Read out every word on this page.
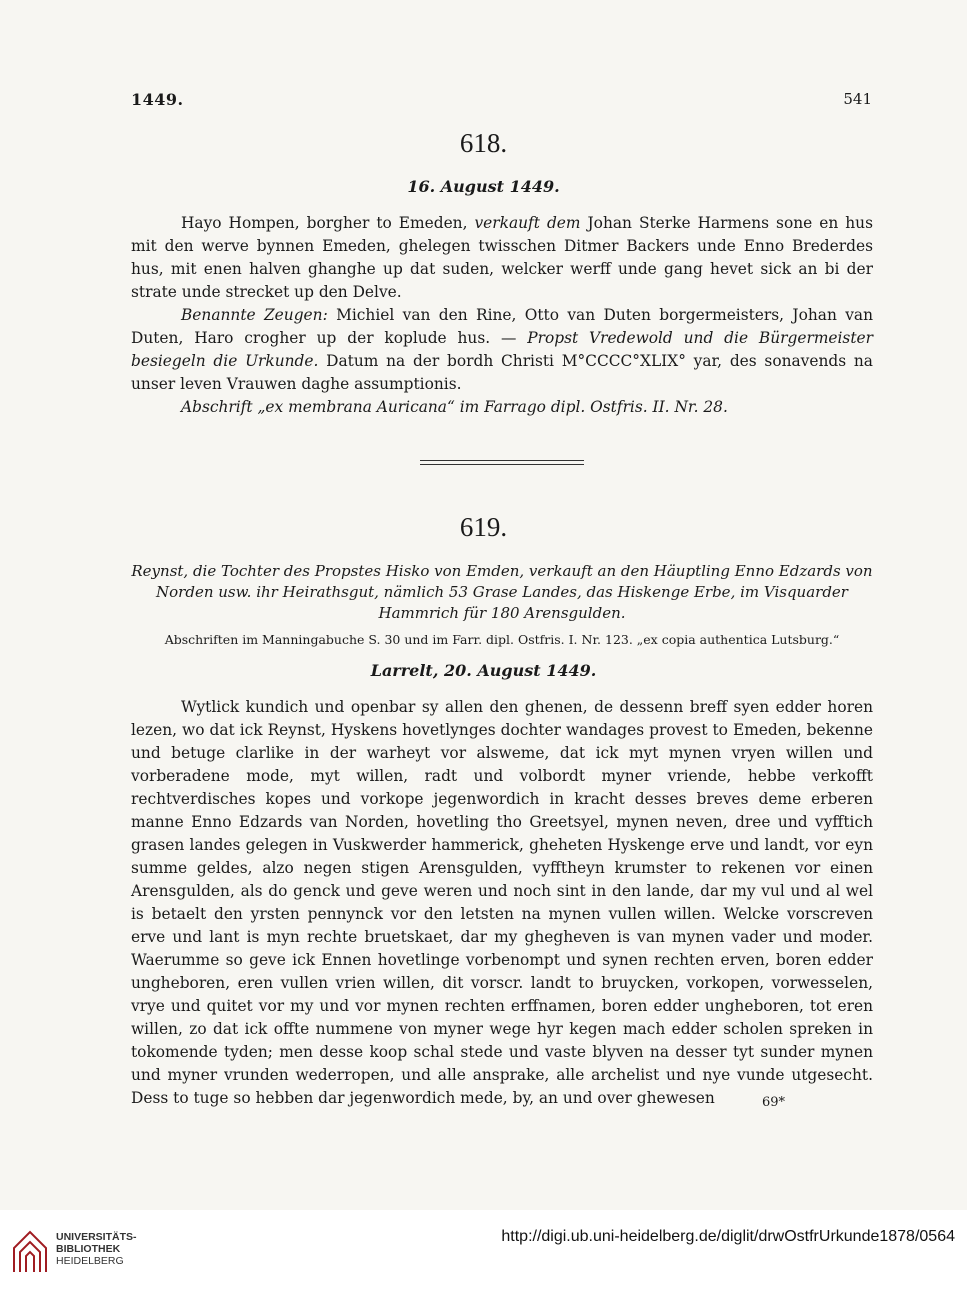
1449.	541
618.
16. August 1449.

Hayo Hompen, borgher to Emeden, verkauft dem Johan Sterke Harmens sone en hus mit den werve bynnen Emeden, ghelegen twisschen Ditmer Backers unde Enno Brederdes hus, mit enen halven ghanghe up dat suden, welcker werff unde gang hevet sick an bi der strate unde strecket up den Delve.

Benannte Zeugen: Michiel van den Rine, Otto van Duten borgermeisters, Johan van Duten, Haro crogher up der koplude hus. — Propst Vredewold und die Bürgermeister besiegeln die Urkunde. Datum na der bordh Christi M°CCCC°XLIX° yar, des sonavends na unser leven Vrauwen daghe assumptionis.

Abschrift „ex membrana Auricana“ im Farrago dipl. Ostfris. II. Nr. 28.

619.
Reynst, die Tochter des Propstes Hisko von Emden, verkauft an den Häuptling Enno Edzards von Norden usw. ihr Heirathsgut, nämlich 53 Grase Landes, das Hiskenge Erbe, im Visquarder Hammrich für 180 Arensgulden.
Abschriften im Manningabuche S. 30 und im Farr. dipl. Ostfris. I. Nr. 123. „ex copia authentica Lutsburg.“
Larrelt, 20. August 1449.

Wytlick kundich und openbar sy allen den ghenen, de dessenn breff syen edder horen lezen, wo dat ick Reynst, Hyskens hovetlynges dochter wandages provest to Emeden, bekenne und betuge clarlike in der warheyt vor alsweme, dat ick myt mynen vryen willen und vorberadene mode, myt willen, radt und volbordt myner vriende, hebbe verkofft rechtverdisches kopes und vorkope jegenwordich in kracht desses breves deme erberen manne Enno Edzards van Norden, hovetling tho Greetsyel, mynen neven, dree und vyfftich grasen landes gelegen in Vuskwerder hammerick, gheheten Hyskenge erve und landt, vor eyn summe geldes, alzo negen stigen Arensgulden, vyfftheyn krumster to rekenen vor einen Arensgulden, als do genck und geve weren und noch sint in den lande, dar my vul und al wel is betaelt den yrsten pennynck vor den letsten na mynen vullen willen. Welcke vorscreven erve und lant is myn rechte bruetskaet, dar my ghegheven is van mynen vader und moder. Waerumme so geve ick Ennen hovetlinge vorbenompt und synen rechten erven, boren edder ungheboren, eren vullen vrien willen, dit vorscr. landt to bruycken, vorkopen, vorwesselen, vrye und quitet vor my und vor mynen rechten erffnamen, boren edder ungheboren, tot eren willen, zo dat ick offte nummene von myner wege hyr kegen mach edder scholen spreken in tokomende tyden; men desse koop schal stede und vaste blyven na desser tyt sunder mynen und myner vrunden wederropen, und alle ansprake, alle archelist und nye vunde utgesecht. Dess to tuge so hebben dar jegenwordich mede, by, an und over ghewesen	69*
UNIVERSITÄTS-
BIBLIOTHEK
HEIDELBERG
http://digi.ub.uni-heidelberg.de/diglit/drwOstfrUrkunde1878/0564
